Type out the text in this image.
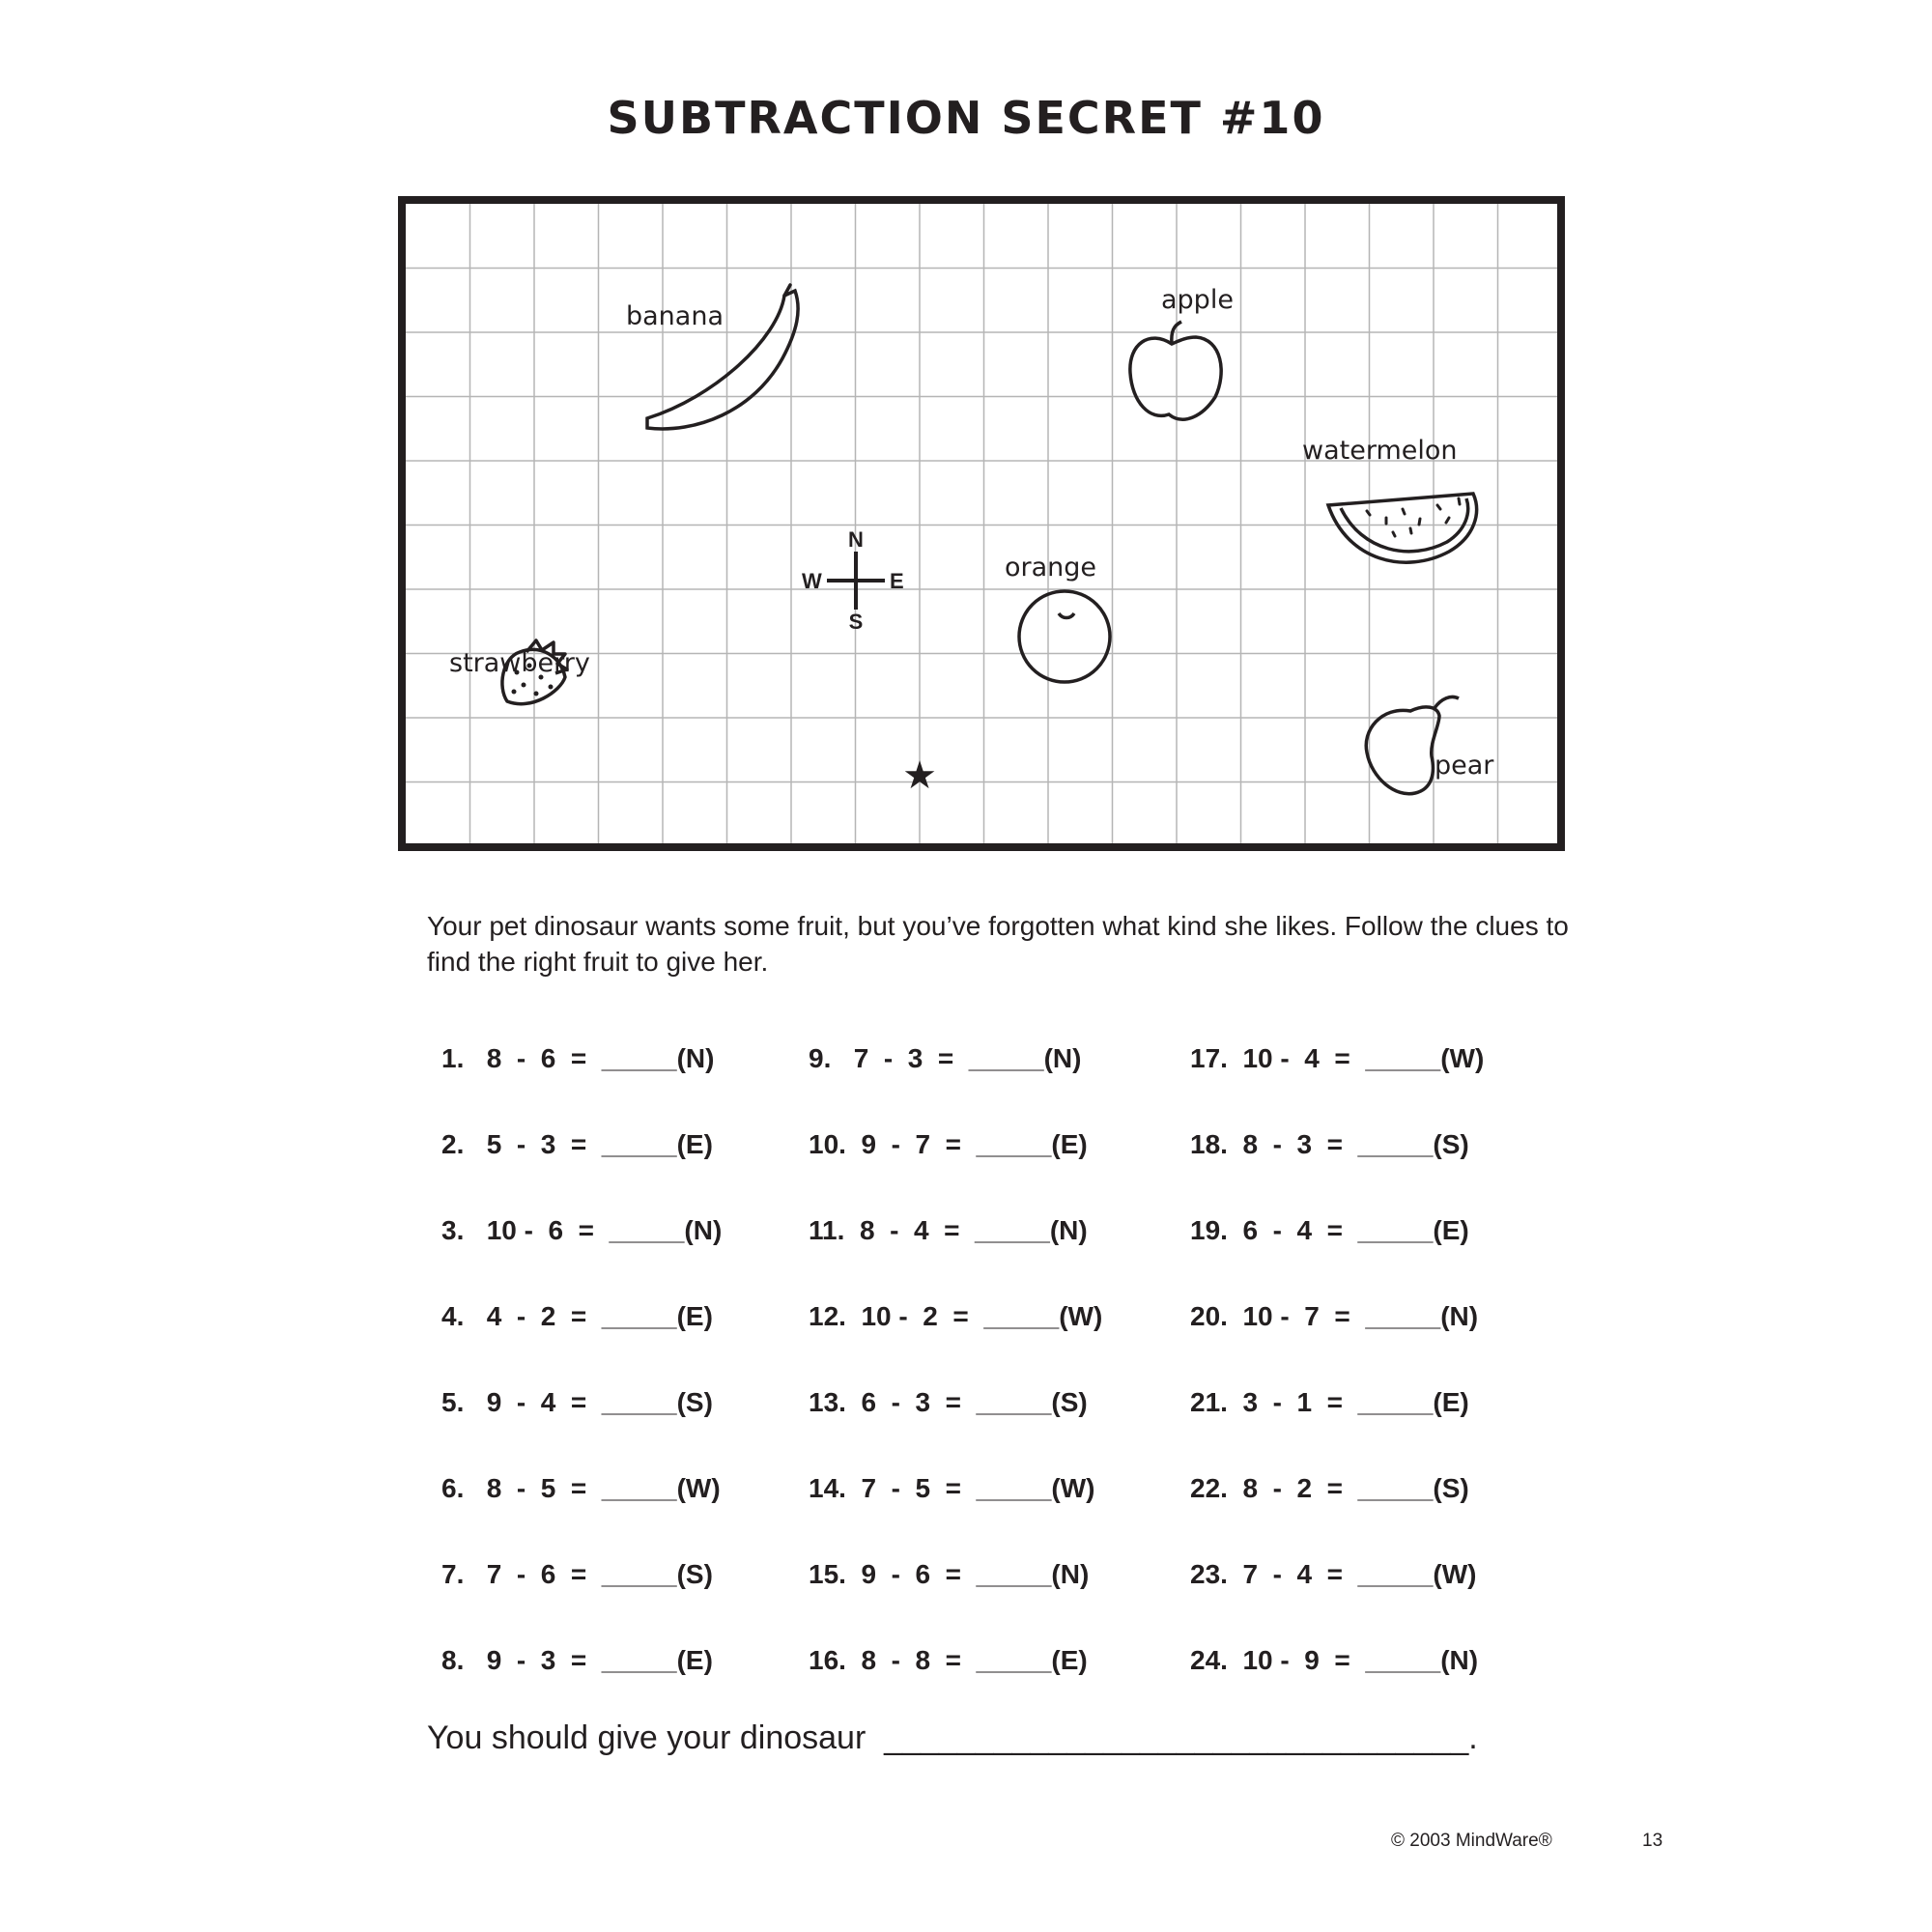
SUBTRACTION SECRET #10
banana
apple
watermelon
orange
strawberry
pear
N
S
E
W
★
Your pet dinosaur wants some fruit, but you’ve forgotten what kind she likes. Follow the clues to find the right fruit to give her.
1.   8  -  6  =  _____(N)
2.   5  -  3  =  _____(E)
3.   10 -  6  =  _____(N)
4.   4  -  2  =  _____(E)
5.   9  -  4  =  _____(S)
6.   8  -  5  =  _____(W)
7.   7  -  6  =  _____(S)
8.   9  -  3  =  _____(E)
9.   7  -  3  =  _____(N)
10.  9  -  7  =  _____(E)
11.  8  -  4  =  _____(N)
12.  10 -  2  =  _____(W)
13.  6  -  3  =  _____(S)
14.  7  -  5  =  _____(W)
15.  9  -  6  =  _____(N)
16.  8  -  8  =  _____(E)
17.  10 -  4  =  _____(W)
18.  8  -  3  =  _____(S)
19.  6  -  4  =  _____(E)
20.  10 -  7  =  _____(N)
21.  3  -  1  =  _____(E)
22.  8  -  2  =  _____(S)
23.  7  -  4  =  _____(W)
24.  10 -  9  =  _____(N)
You should give your dinosaur  ________________________________.
© 2003 MindWare®	13
